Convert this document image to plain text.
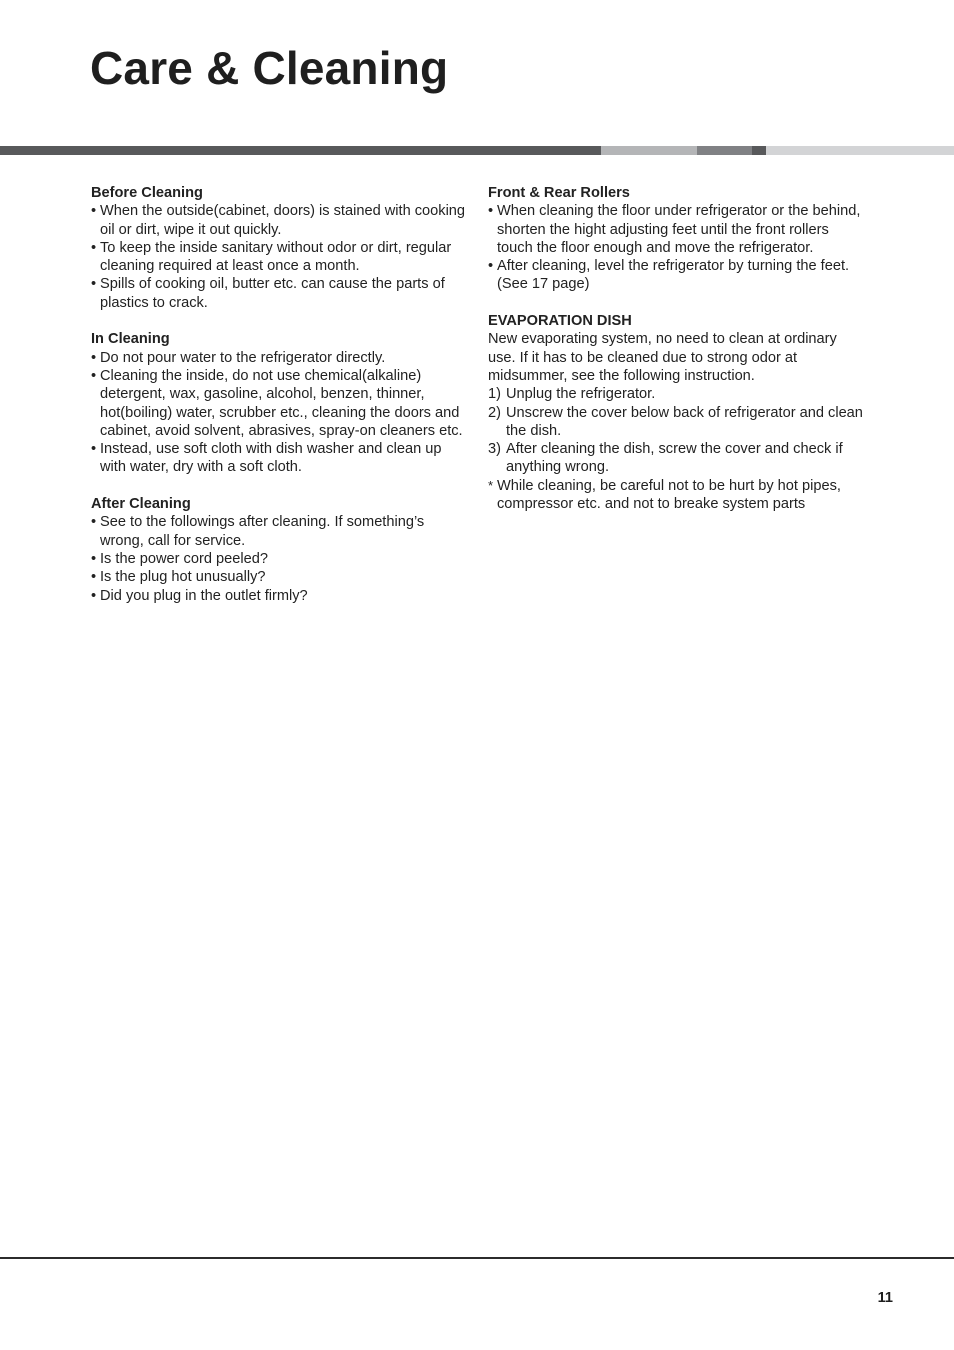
Care & Cleaning

Before Cleaning

• When the outside(cabinet, doors) is stained with cooking oil or dirt, wipe it out quickly.
• To keep the inside sanitary without odor or dirt, regular cleaning required at least once a month.
• Spills of cooking oil, butter etc. can cause the parts of plastics to crack.

In Cleaning

• Do not pour water to the refrigerator directly.
• Cleaning the inside, do not use chemical(alkaline) detergent, wax, gasoline, alcohol, benzen, thinner, hot(boiling) water, scrubber etc., cleaning the doors and cabinet, avoid solvent, abrasives, spray-on cleaners etc.
• Instead, use soft cloth with dish washer and clean up with water, dry with a soft cloth.

After Cleaning

• See to the followings after cleaning. If something’s wrong, call for service.
• Is the power cord peeled?
• Is the plug hot unusually?
• Did you plug in the outlet firmly?

Front & Rear Rollers

• When cleaning the floor under refrigerator or the behind, shorten the hight adjusting feet until the front rollers touch the floor enough and move the refrigerator.
• After cleaning, level the refrigerator by turning the feet. (See 17 page)

EVAPORATION DISH

New evaporating system, no need to clean at ordinary use. If it has to be cleaned due to strong odor at midsummer, see the following instruction.

1) Unplug the refrigerator.
2) Unscrew the cover below back of refrigerator and clean the dish.
3) After cleaning the dish, screw the cover and check if anything wrong.

* While cleaning, be careful not to be hurt by hot pipes, compressor etc. and not to breake system parts

11
